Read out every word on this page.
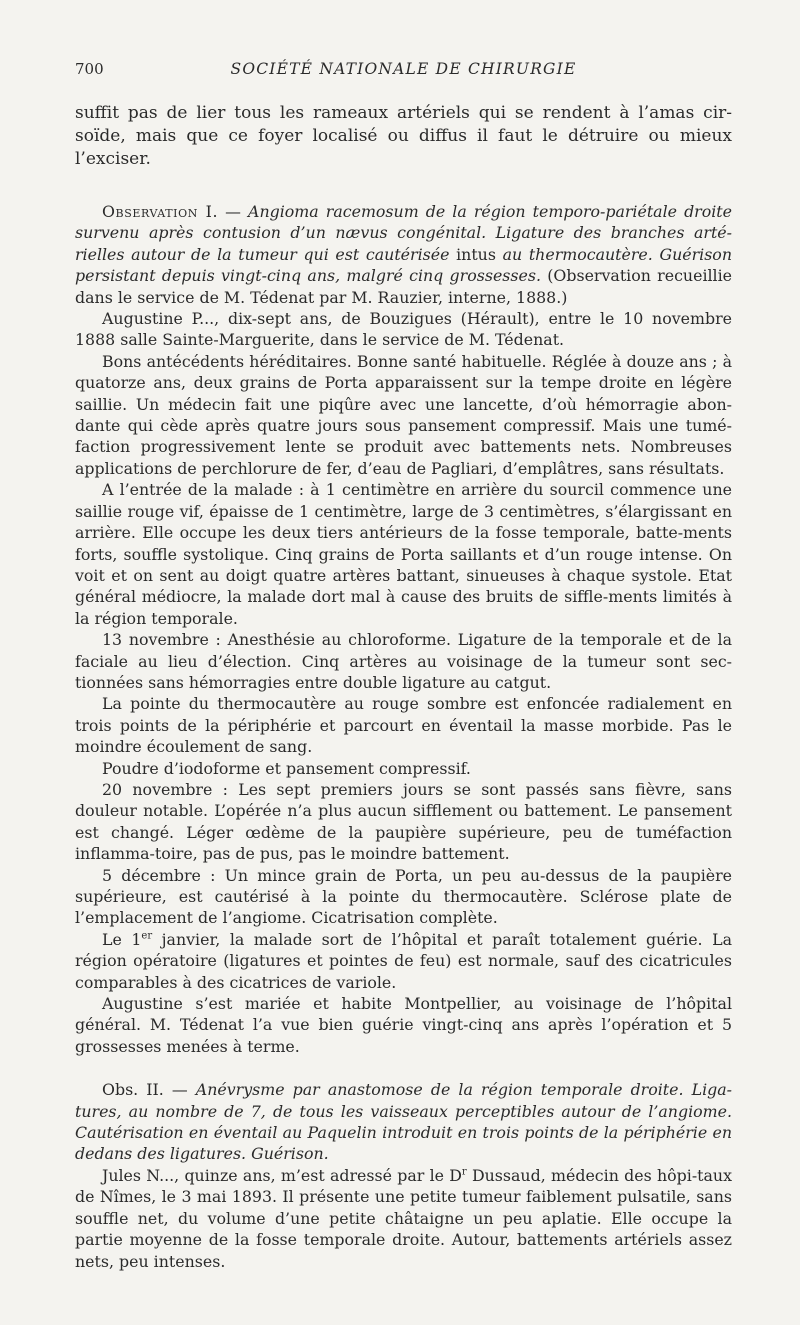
700	SOCIÉTÉ NATIONALE DE CHIRURGIE

suffit pas de lier tous les rameaux artériels qui se rendent à l’amas cir-soïde, mais que ce foyer localisé ou diffus il faut le détruire ou mieux l’exciser.

Observation I. — Angioma racemosum de la région temporo-pariétale droite survenu après contusion d’un nævus congénital. Ligature des branches arté-rielles autour de la tumeur qui est cautérisée intus au thermocautère. Guérison persistant depuis vingt-cinq ans, malgré cinq grossesses. (Observation recueillie dans le service de M. Tédenat par M. Rauzier, interne, 1888.)

Augustine P..., dix-sept ans, de Bouzigues (Hérault), entre le 10 novembre 1888 salle Sainte-Marguerite, dans le service de M. Tédenat.

Bons antécédents héréditaires. Bonne santé habituelle. Réglée à douze ans ; à quatorze ans, deux grains de Porta apparaissent sur la tempe droite en légère saillie. Un médecin fait une piqûre avec une lancette, d’où hémorragie abon-dante qui cède après quatre jours sous pansement compressif. Mais une tumé-faction progressivement lente se produit avec battements nets. Nombreuses applications de perchlorure de fer, d’eau de Pagliari, d’emplâtres, sans résultats.

A l’entrée de la malade : à 1 centimètre en arrière du sourcil commence une saillie rouge vif, épaisse de 1 centimètre, large de 3 centimètres, s’élargissant en arrière. Elle occupe les deux tiers antérieurs de la fosse temporale, batte-ments forts, souffle systolique. Cinq grains de Porta saillants et d’un rouge intense. On voit et on sent au doigt quatre artères battant, sinueuses à chaque systole. Etat général médiocre, la malade dort mal à cause des bruits de siffle-ments limités à la région temporale.

13 novembre : Anesthésie au chloroforme. Ligature de la temporale et de la faciale au lieu d’élection. Cinq artères au voisinage de la tumeur sont sec-tionnées sans hémorragies entre double ligature au catgut.

La pointe du thermocautère au rouge sombre est enfoncée radialement en trois points de la périphérie et parcourt en éventail la masse morbide. Pas le moindre écoulement de sang.

Poudre d’iodoforme et pansement compressif.

20 novembre : Les sept premiers jours se sont passés sans fièvre, sans douleur notable. L’opérée n’a plus aucun sifflement ou battement. Le pansement est changé. Léger œdème de la paupière supérieure, peu de tuméfaction inflamma-toire, pas de pus, pas le moindre battement.

5 décembre : Un mince grain de Porta, un peu au-dessus de la paupière supérieure, est cautérisé à la pointe du thermocautère. Sclérose plate de l’emplacement de l’angiome. Cicatrisation complète.

Le 1er janvier, la malade sort de l’hôpital et paraît totalement guérie. La région opératoire (ligatures et pointes de feu) est normale, sauf des cicatricules comparables à des cicatrices de variole.

Augustine s’est mariée et habite Montpellier, au voisinage de l’hôpital général. M. Tédenat l’a vue bien guérie vingt-cinq ans après l’opération et 5 grossesses menées à terme.

Obs. II. — Anévrysme par anastomose de la région temporale droite. Liga-tures, au nombre de 7, de tous les vaisseaux perceptibles autour de l’angiome. Cautérisation en éventail au Paquelin introduit en trois points de la périphérie en dedans des ligatures. Guérison.

Jules N..., quinze ans, m’est adressé par le $D^r$ Dussaud, médecin des hôpi-taux de Nîmes, le 3 mai 1893. Il présente une petite tumeur faiblement pulsatile, sans souffle net, du volume d’une petite châtaigne un peu aplatie. Elle occupe la partie moyenne de la fosse temporale droite. Autour, battements artériels assez nets, peu intenses.
